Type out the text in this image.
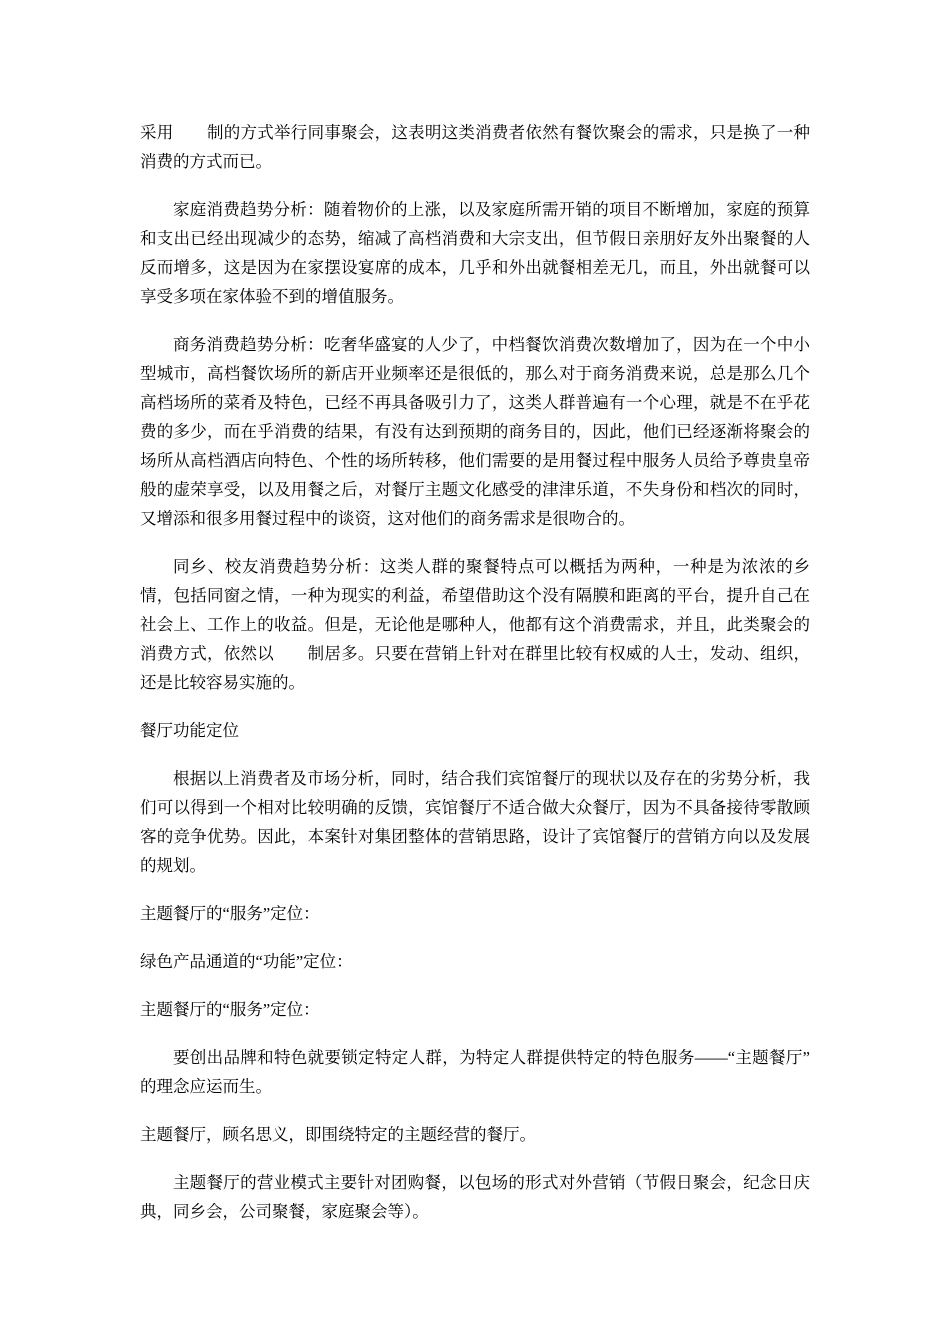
采用　　制的方式举行同事聚会，这表明这类消费者依然有餐饮聚会的需求，只是换了一种消费的方式而已。

家庭消费趋势分析：随着物价的上涨，以及家庭所需开销的项目不断增加，家庭的预算和支出已经出现减少的态势，缩减了高档消费和大宗支出，但节假日亲朋好友外出聚餐的人反而增多，这是因为在家摆设宴席的成本，几乎和外出就餐相差无几，而且，外出就餐可以享受多项在家体验不到的增值服务。

商务消费趋势分析：吃奢华盛宴的人少了，中档餐饮消费次数增加了，因为在一个中小型城市，高档餐饮场所的新店开业频率还是很低的，那么对于商务消费来说，总是那么几个高档场所的菜肴及特色，已经不再具备吸引力了，这类人群普遍有一个心理，就是不在乎花费的多少，而在乎消费的结果，有没有达到预期的商务目的，因此，他们已经逐渐将聚会的场所从高档酒店向特色、个性的场所转移，他们需要的是用餐过程中服务人员给予尊贵皇帝般的虚荣享受，以及用餐之后，对餐厅主题文化感受的津津乐道，不失身份和档次的同时，又增添和很多用餐过程中的谈资，这对他们的商务需求是很吻合的。

同乡、校友消费趋势分析：这类人群的聚餐特点可以概括为两种，一种是为浓浓的乡情，包括同窗之情，一种为现实的利益，希望借助这个没有隔膜和距离的平台，提升自己在社会上、工作上的收益。但是，无论他是哪种人，他都有这个消费需求，并且，此类聚会的消费方式，依然以　　制居多。只要在营销上针对在群里比较有权威的人士，发动、组织，还是比较容易实施的。

餐厅功能定位

根据以上消费者及市场分析，同时，结合我们宾馆餐厅的现状以及存在的劣势分析，我们可以得到一个相对比较明确的反馈，宾馆餐厅不适合做大众餐厅，因为不具备接待零散顾客的竞争优势。因此，本案针对集团整体的营销思路，设计了宾馆餐厅的营销方向以及发展的规划。

主题餐厅的“服务”定位：

绿色产品通道的“功能”定位：

主题餐厅的“服务”定位：

要创出品牌和特色就要锁定特定人群，为特定人群提供特定的特色服务——“主题餐厅”的理念应运而生。

主题餐厅，顾名思义，即围绕特定的主题经营的餐厅。

主题餐厅的营业模式主要针对团购餐，以包场的形式对外营销（节假日聚会，纪念日庆典，同乡会，公司聚餐，家庭聚会等）。
